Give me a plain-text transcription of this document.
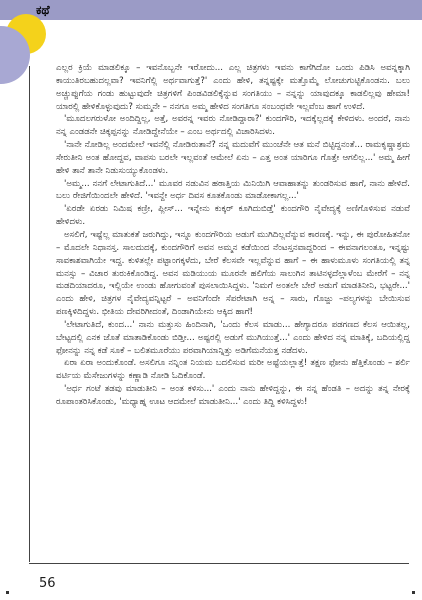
ಕಥೆ

ಎಲ್ಲರ ಕ್ರಿಯೆ ಮಾಡಲಿಕ್ಕೂ – ಇವನೊಬ್ಬನೇ ಇರೋದು... ಎಲ್ಲ ಚಿತ್ರಗಳು ಇವನು ಕಾಗೆಗಿದೋ ಒಂದು ಪಿಡಿಸಿ ಅವನ್ನಕ್ಕಾಗಿ ಕಾಯುತಿರಬಹುದಲ್ಲವಾ? ಇವನಿಗೆಲ್ಲಿ ಅರ್ಥವಾಗುತ್ತೆ?' ಎಂದು ಹೇಳಿ, ತನ್ನಷ್ಟಕ್ಕೇ ಮತ್ತೊಮ್ಮೆ ಲೋಚುಗುಟ್ಟಿಕೊಂಡನು. ಬಲು ಅಚ್ಚುಪ್ಪುಗೆಯ ಗಂಡು ಹುಟ್ಟುವುದೇ ಚಿತ್ರಗಳಿಗೆ ಪಿಂಡವಿಡಲಿಕ್ಕೆನ್ನುವ ಸಂಗತಿಯು – ನನ್ನನ್ನು ಯಾವುದಕ್ಕೂ ಕಾಡಲಿಲ್ಲವು ಹೇಮಾ! ಯಾರಲ್ಲಿ ಹೇಳಿಕೊಳ್ಳುವುದು? ಸುಮ್ಮನೇ – ನನಗೂ ಅಮ್ಮ ಹೇಳಿದ ಸಂಗತಿಗೂ ಸಂಬಂಧವೇ ಇಲ್ಲವೆಂಬ ಹಾಗೆ ಉಳಿದೆ.

'ಮೂದಲಗರುಳೋ ಅಂದಿದ್ದಿಲ್ಲ, ಅತ್ತೆ, ಅವರನ್ನ ಇವರು ನೋಡಿದ್ದಾರಾ?' ಕುಂದಗೌರಿ, ಇದಕ್ಕೆಲ್ಲದಕ್ಕೆ ಕೇಳಿದಳು. ಅಂದರೆ, ನಾನು ನನ್ನ ಎಂಡಡನೇ ಚಿಕ್ಕಪ್ಪನನ್ನು ನೋಡಿದ್ದೇನೆಯೇ – ಎಂಬ ಅರ್ಥದಲ್ಲಿ ವಿಚಾರಿಸಿದಳು.

'ನಾನೇ ನೋಡಿಲ್ಲ ಅಂದಮೇಲೆ ಇವನೆಲ್ಲಿ ನೋಡಿರುತಾನೆ? ನನ್ನ ಮದುವೆಗೆ ಮುಂಚೆನೇ ಆತ ಮನೆ ಬಿಟ್ಟಿದ್ದನಂತೆ... ರಾಮಕೃಷ್ಣಾಶ್ರಮ ಸೇರುತೀನಿ ಅಂತ ಹೋದ್ದವ, ವಾಪಸು ಬರಲೇ ಇಲ್ಲವಂತೆ ಆಮೇಲೆ ಏನು – ಎತ್ತ ಅಂತ ಯಾರಿಗೂ ಗೊತ್ತೇ ಆಗಲಿಲ್ಲ...' ಅಮ್ಮ ಹೀಗೆ ಹೇಳಿ ತಾನೆ ತಾನೇ ನಿಡುಸುಯ್ಯುಕೊಂಡಳು.

'ಅಮ್ಮ... ನನಗೆ ಲೇಟಾಗುತಿದೆ...' ಮೂವರ ನಡುವಿನ ಹಠಾತ್ತಿಯ ಮಿನಿಯಿಗಿ ಆವಾಹಾತನ್ನು ತುಂಡರಿಸುವ ಹಾಗೆ, ನಾನು ಹೇಳಿದೆ. ಬಲು ರೇಜಿಗೆಯಿಂದಲೇ ಹೇಳಿದೆ. 'ಇವನ್ದೇ ಅರ್ಧ ದಿವಸ ಕೂತಕೊಂಡು ಮಾಡೋಕಾಗಲ್ಲ...'

'ಏರಡೇ ಏರಡು ನಿಮಿಷ ಕಣ್ರೀ, ಪ್ಲೀಸ್... ಇನ್ನೇನು ಕುಕ್ಕರ್ ಕೂಗಿದುಬಿಡ್ತೆ' ಕುಂದಗೌರಿ ನೈವೇದ್ಯಕ್ಕೆ ಅಣಿಗೊಳಿಸುವ ನಡುವೆ ಹೇಳಿದಳು.

ಅಸಲಿಗೆ, ಇಷ್ಟೆಲ್ಲ ಮಾತುಕತೆ ಜರುಗಿದ್ದು, ಇನ್ನೂ ಕುಂದಗೌರಿಯ ಅಡುಗೆ ಮುಗಿದಿಲ್ಲವೆನ್ನುವ ಕಾರಣಕ್ಕೆ. ಇನ್ನು, ಈ ಪುರೋಹಿತನೋ – ಮೊದಲೇ ನಿಧಾನಸ್ತ. ಸಾಲದುದಕ್ಕೆ, ಕುಂದಗೌರಿಗೆ ಅವನ ಅಮ್ಮನ ಕಡೆಯಿಂದ ನೆಂಟಸ್ತನವಾದ್ದರಿಂದ – ಈವನಾಗಲಂತೂ, ಇನ್ನಷ್ಟು ಸಾವಕಾಶವಾಗಿಯೇ ಇದ್ದ. ಕುಳಿತಲ್ಲೇ ಪಟ್ಟಾಂಗಕ್ಕಳೆದು, ಬೇರೆ ಕೆಲಸವೇ ಇಲ್ಲವೆನ್ನುವ ಹಾಗೆ – ಈ ಹಾಳುಮೂಳು ಸಂಗತಿಯಲ್ಲಿ ತನ್ನ ಮನಸ್ಸು – ವಿಚಾರ ತುರುಕಿಕೊಂಡಿದ್ದ. ಅವನ ಮಡಿಯುಯ ಮೂರನೇ ಹಲಿಗೆಯ ಸಾಲುಗಿನ ತಾಟಿನಳ್ಳದೆಲ್ಲಾಳೆಂಬ ಮೇರೆಗೆ – ನನ್ನ ಮಡದಿಯಾದರೂ, ಇಲ್ಲಿಯೇ ಉಂಡು ಹೋಗುವಂತೆ ಪುಸಲಾಯಿಸಿದ್ದಳು. 'ನಿಮಗೆ ಅಂತಲೇ ಬೇರೆ ಅಡುಗೆ ಮಾಡತಿನೀನಿ, ಭಟ್ಟರೇ...' ಎಂದು ಹೇಳಿ, ಚಿತ್ರಗಳ ನೈವೇದ್ಯವನ್ನಿಟ್ಟರೆ – ಅವನಿಗೆಂದೇ ಸೆಪರೇಟಾಗಿ ಅನ್ನ – ಸಾರು, ಗೊಜ್ಜು –ಪಲ್ಯಗಳನ್ನು ಬೇಯಿಸುವ ಪಣಕ್ಕಿಳಿದಿದ್ದಳು. ಭೀತಿಯ ದೇವರಿಗೀದಂತೆ, ದಿಂಡಾಗಿಯೇನು ಆಕ್ಕಿದ ಹಾಗೆ!

'ಲೇಟಾಗುತಿದೆ, ಕುಂದ...' ನಾನು ಮತ್ತುಸು ಹಿಂದಿನಾಗಿ, 'ಒಂದು ಕೆಲಸ ಮಾಡು... ಹೇಗ್ಯಾದರೂ ಪಡಗಣದ ಕೆಲಸ ಆಯಿತಲ್ಲ, ಬೇಟ್ಟದಲ್ಲಿ ಎನಕ ಜೊತೆ ಮಾತಾಡಿಕೊಂಡು ಬಿಡ್ತೀ... ಅಷ್ಟರಲ್ಲಿ ಅಡುಗೆ ಮುಗಿಯುತ್ತೆ...' ಎಂದು ಹೇಳಿದ ನನ್ನ ಮಾತಿಕ್ಕೆ, ಬದಿಯಲ್ಲಿದ್ದ ಫೋನನ್ನು ನನ್ನ ಕಡೆ ಸೂಕೆ – ಬಲಿತಮೂರೆಯು ಪರವಾಗಿಯಾನ್ನಿತ್ತು ಅಡಿಗೆಮನೆಯತ್ತ ನಡೆದಳು.

ಏರಾ ಏರಾ ಅಂದುಕೊಂಡೆ. ಅಸಲಿಗೂ ನನ್ನಿಂತ ನಿಯಮ ಬದಲಿಸುವ ಮರೀ ಅಷ್ಟೆಯಲ್ಲಾತ್ತೆ! ತಕ್ಷಣ ಫೋನು ಹೆತ್ತಿಕೊಂಡು – ಶರ್ಲಿ ವರ್ಟಿಯ ಮೆಸೇಜುಗಳನ್ನು ಕಣ್ಣಾಡಿ ನೋಡಿ ಓದಿಕೊಂಡೆ.

'ಅರ್ಧ ಗಂಟೆ ತಡವು ಮಾಡುತೀನಿ – ಅಂತ ಕಳಿಸು...' ಎಂದು ನಾನು ಹೇಳಿದ್ದನ್ನು, ಈ ನನ್ನ ಹೆಂಡತಿ – ಅದನ್ನು ತನ್ನ ನೇರಕ್ಕೆ ರೂಪಾಂತರಿಸಿಕೊಂಡು, 'ಮಧ್ಯಾಹ್ನ ಊಟ ಆದಮೇಲೆ ಮಾಡುತೀನಿ...' ಎಂದು ತಿದ್ದಿ ಕಳಿಸಿದ್ದಳು!

56
